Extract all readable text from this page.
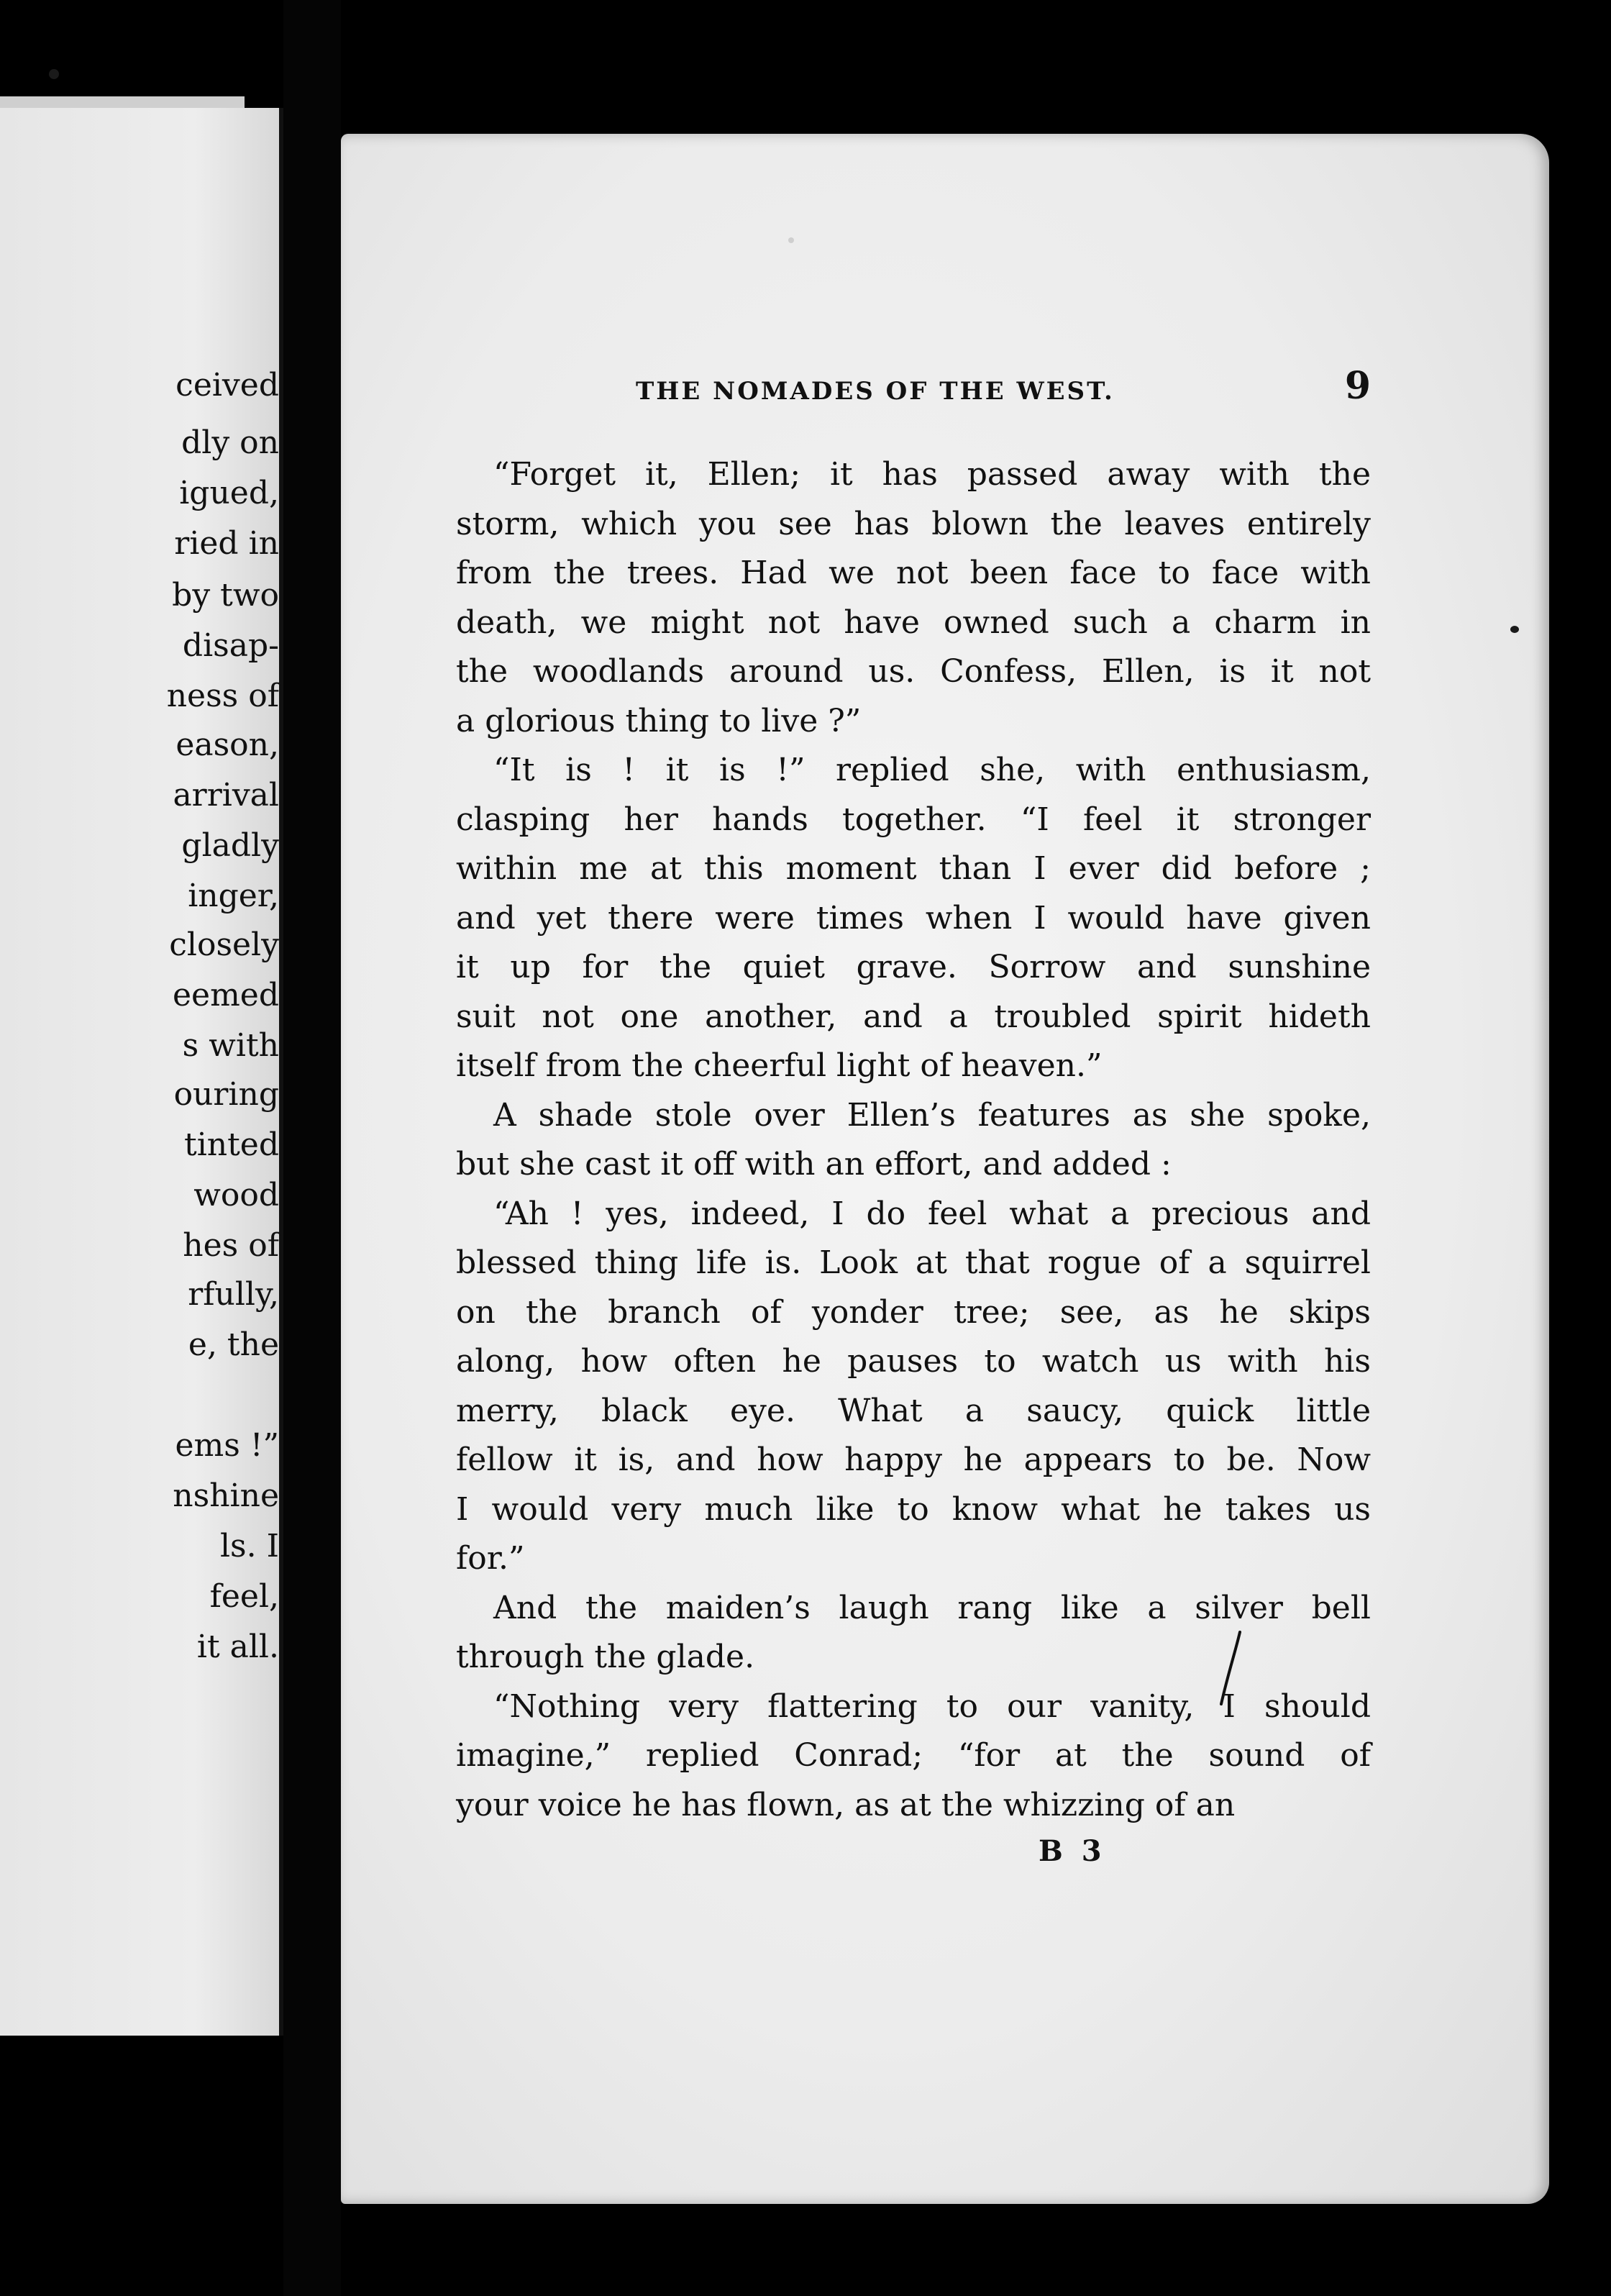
ceived
dly on
igued,
ried in
by two
disap-
ness of
eason,
arrival
gladly
inger,
closely
eemed
s with
ouring
tinted
wood
hes of
rfully,
e, the
ems !”
nshine
ls. I
feel,
it all.
THE NOMADES OF THE WEST.	9

“Forget it, Ellen; it has passed away with the
storm, which you see has blown the leaves entirely
from the trees. Had we not been face to face with
death, we might not have owned such a charm in
the woodlands around us. Confess, Ellen, is it not
a glorious thing to live ?”

“It is ! it is !” replied she, with enthusiasm,
clasping her hands together. “I feel it stronger
within me at this moment than I ever did before ;
and yet there were times when I would have given
it up for the quiet grave. Sorrow and sunshine
suit not one another, and a troubled spirit hideth
itself from the cheerful light of heaven.”

A shade stole over Ellen’s features as she spoke,
but she cast it off with an effort, and added :

“Ah ! yes, indeed, I do feel what a precious and
blessed thing life is. Look at that rogue of a squirrel
on the branch of yonder tree; see, as he skips
along, how often he pauses to watch us with his
merry, black eye. What a saucy, quick little
fellow it is, and how happy he appears to be. Now
I would very much like to know what he takes us
for.”

And the maiden’s laugh rang like a silver bell
through the glade.

“Nothing very flattering to our vanity, I should
imagine,” replied Conrad; “for at the sound of
your voice he has flown, as at the whizzing of an

B 3
